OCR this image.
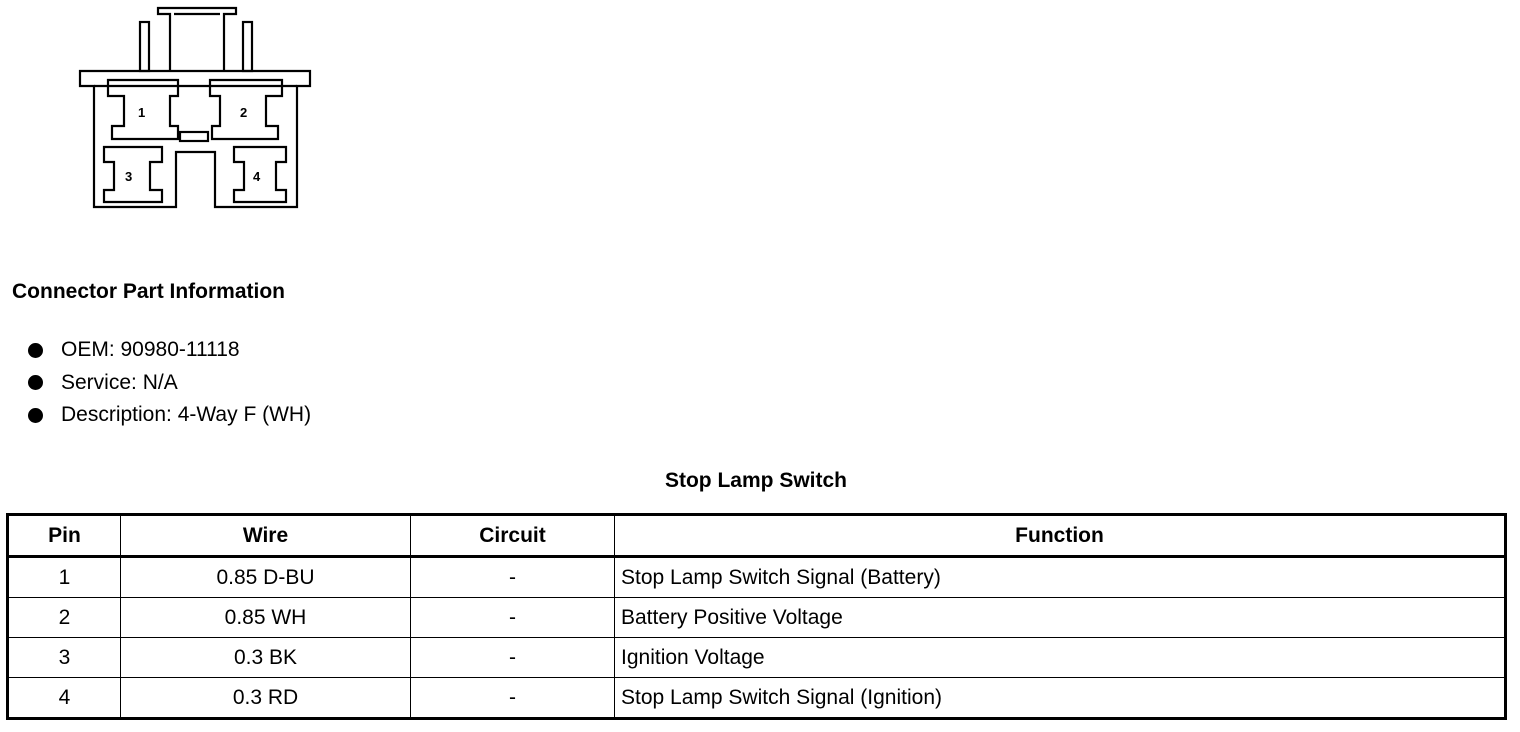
1	2
3	4
Connector Part Information
OEM: 90980-11118
Service: N/A
Description: 4-Way F (WH)
Stop Lamp Switch
Pin	Wire	Circuit	Function
1	0.85 D-BU	-	Stop Lamp Switch Signal (Battery)
2	0.85 WH	-	Battery Positive Voltage
3	0.3 BK	-	Ignition Voltage
4	0.3 RD	-	Stop Lamp Switch Signal (Ignition)
